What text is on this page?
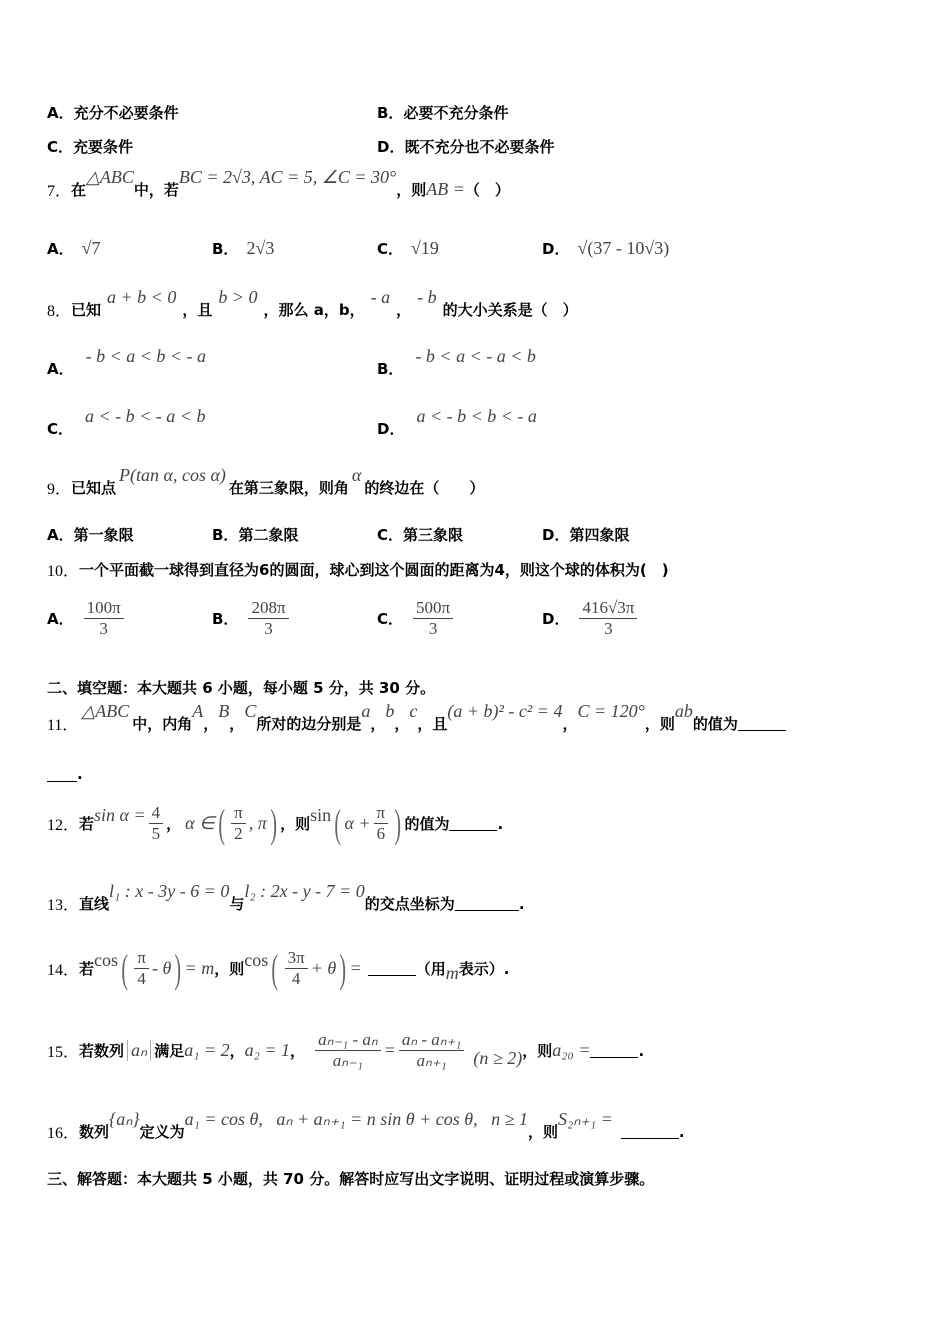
A． 充分不必要条件	B． 必要不充分条件
C． 充要条件	D． 既不充分也不必要条件
7． 在
△ABC
中，若
BC = 2√3, AC = 5, ∠C = 30°
，则 AB = （　）
A． √7	B． 2√3	C． √19	D． √(37 - 10√3)
8． 已知
a + b < 0
，且
b > 0
，那么 a，b，
- a
，
- b
的大小关系是（　）
A．
- b < a < b < - a
B．
- b < a < - a < b
C．
a < - b < - a < b
D．
a < - b < b < - a
9． 已知点
P(tan α, cos α)
在第三象限，则角
α
的终边在（　　）
A． 第一象限	B． 第二象限	C． 第三象限	D． 第四象限
10． 一个平面截一球得到直径为6的圆面，球心到这个圆面的距离为4，则这个球的体积为(　)
A． $\frac{100\pi}{3}$	B． $\frac{208\pi}{3}$	C． $\frac{500\pi}{3}$	D． $\frac{416√3\pi}{3}$
二、填空题：本大题共 6 小题，每小题 5 分，共 30 分。
11．
△ABC
中，内角
A
，
B
，
C
所对的边分别是
a
，
b
，
c
，且
(a + b)² - c² = 4
，
C = 120°
，则
ab
的值为
.
12． 若 $\sin \alpha = \frac{4}{5}$ ， α ∈ ( $\frac{\pi}{2}$ , π ) ，则 sin ( $\alpha + \frac{\pi}{6}$ ) 的值为	.
13． 直线
l₁ : x - 3y - 6 = 0
与
l₂ : 2x - y - 7 = 0
的交点坐标为	.
14． 若 cos ( $\frac{\pi}{4}$ - θ ) = m ，则 cos ( $\frac{3\pi}{4} + \theta$ ) =	（用 m 表示）.
15． 若数列 aₙ 满足 a₁ = 2 ， a₂ = 1 ， $\frac{\text{aₙ₋₁ - aₙ}}{\text{aₙ₋₁}} = \frac{\text{aₙ - aₙ₊₁}}{\text{aₙ₊₁}} (n \ge 2)$ ，则 a₂₀ =	.
16． 数列
{aₙ}
定义为
a₁ = cos θ,   aₙ + aₙ₊₁ = n sin θ + cos θ,   n ≥ 1
，则
S₂ₙ₊₁ =
.
三、解答题：本大题共 5 小题，共 70 分。解答时应写出文字说明、证明过程或演算步骤。
